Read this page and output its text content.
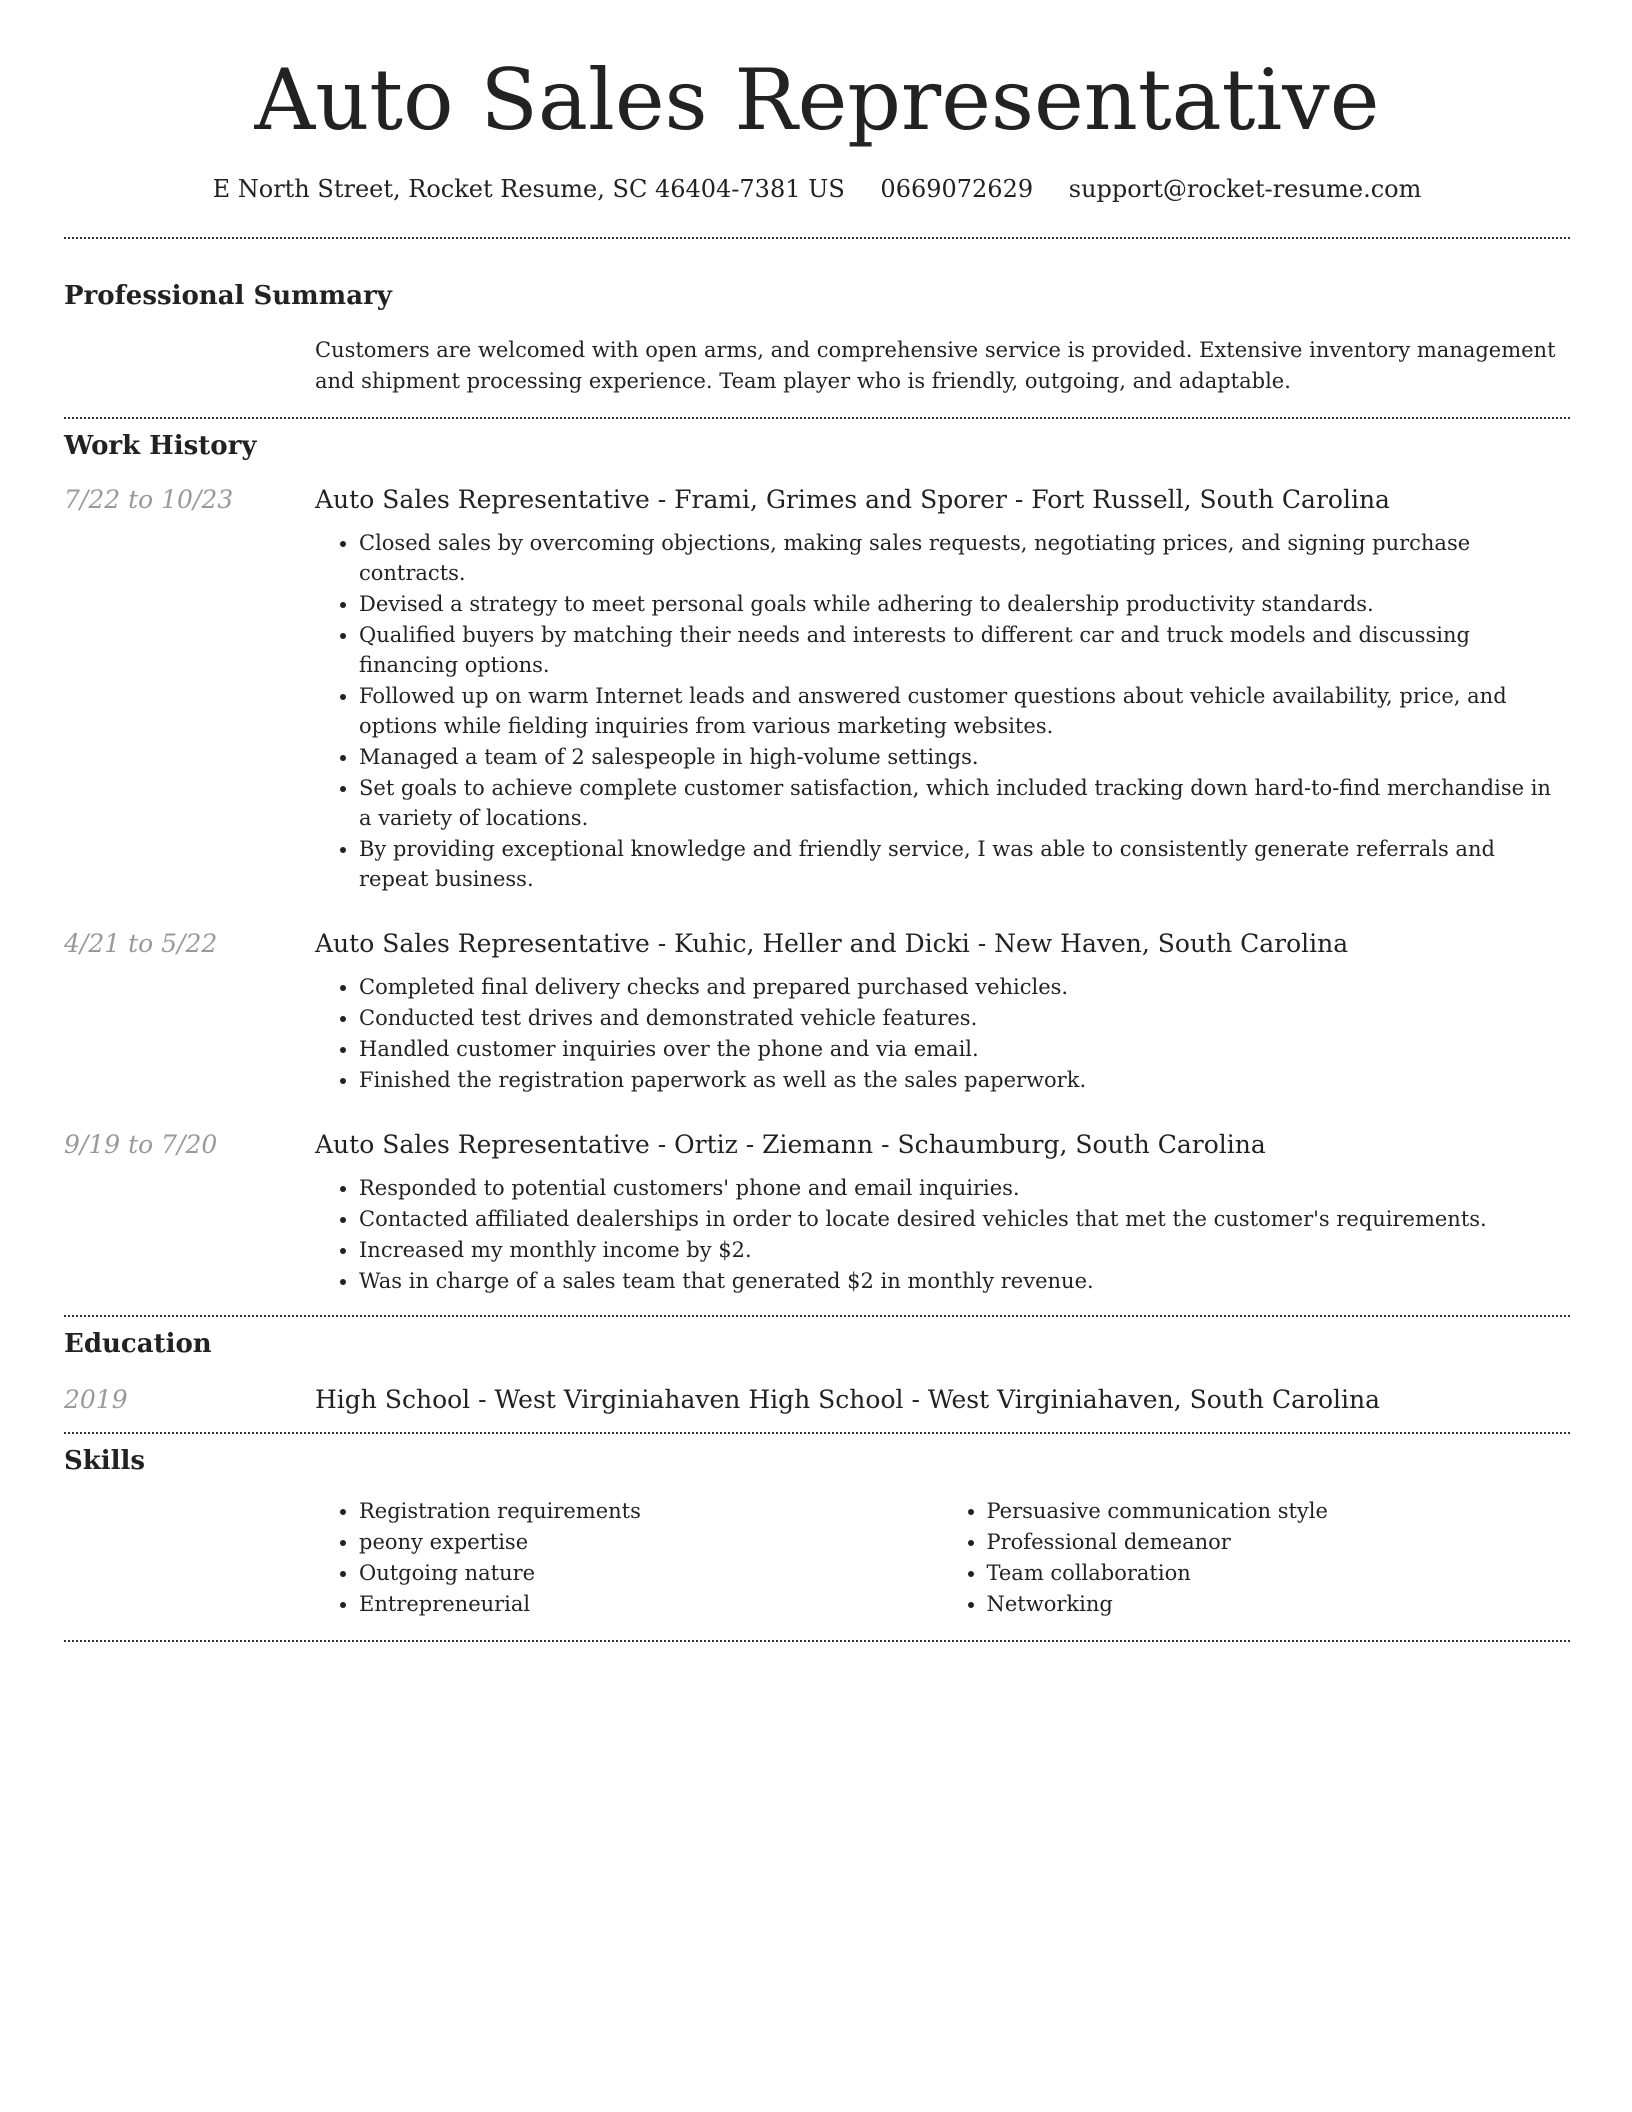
Auto Sales Representative
E North Street, Rocket Resume, SC 46404-7381 US 0669072629 support@rocket-resume.com
Professional Summary

Customers are welcomed with open arms, and comprehensive service is provided. Extensive inventory management and shipment processing experience. Team player who is friendly, outgoing, and adaptable.

Work History
7/22 to 10/23	Auto Sales Representative - Frami, Grimes and Sporer - Fort Russell, South Carolina
• Closed sales by overcoming objections, making sales requests, negotiating prices, and signing purchase contracts.
• Devised a strategy to meet personal goals while adhering to dealership productivity standards.
• Qualified buyers by matching their needs and interests to different car and truck models and discussing financing options.
• Followed up on warm Internet leads and answered customer questions about vehicle availability, price, and options while fielding inquiries from various marketing websites.
• Managed a team of 2 salespeople in high-volume settings.
• Set goals to achieve complete customer satisfaction, which included tracking down hard-to-find merchandise in a variety of locations.
• By providing exceptional knowledge and friendly service, I was able to consistently generate referrals and repeat business.
4/21 to 5/22	Auto Sales Representative - Kuhic, Heller and Dicki - New Haven, South Carolina
• Completed final delivery checks and prepared purchased vehicles.
• Conducted test drives and demonstrated vehicle features.
• Handled customer inquiries over the phone and via email.
• Finished the registration paperwork as well as the sales paperwork.
9/19 to 7/20	Auto Sales Representative - Ortiz - Ziemann - Schaumburg, South Carolina
• Responded to potential customers' phone and email inquiries.
• Contacted affiliated dealerships in order to locate desired vehicles that met the customer's requirements.
• Increased my monthly income by $2.
• Was in charge of a sales team that generated $2 in monthly revenue.
Education
2019	High School - West Virginiahaven High School - West Virginiahaven, South Carolina
Skills
• Registration requirements
• peony expertise
• Outgoing nature
• Entrepreneurial
• Persuasive communication style
• Professional demeanor
• Team collaboration
• Networking
